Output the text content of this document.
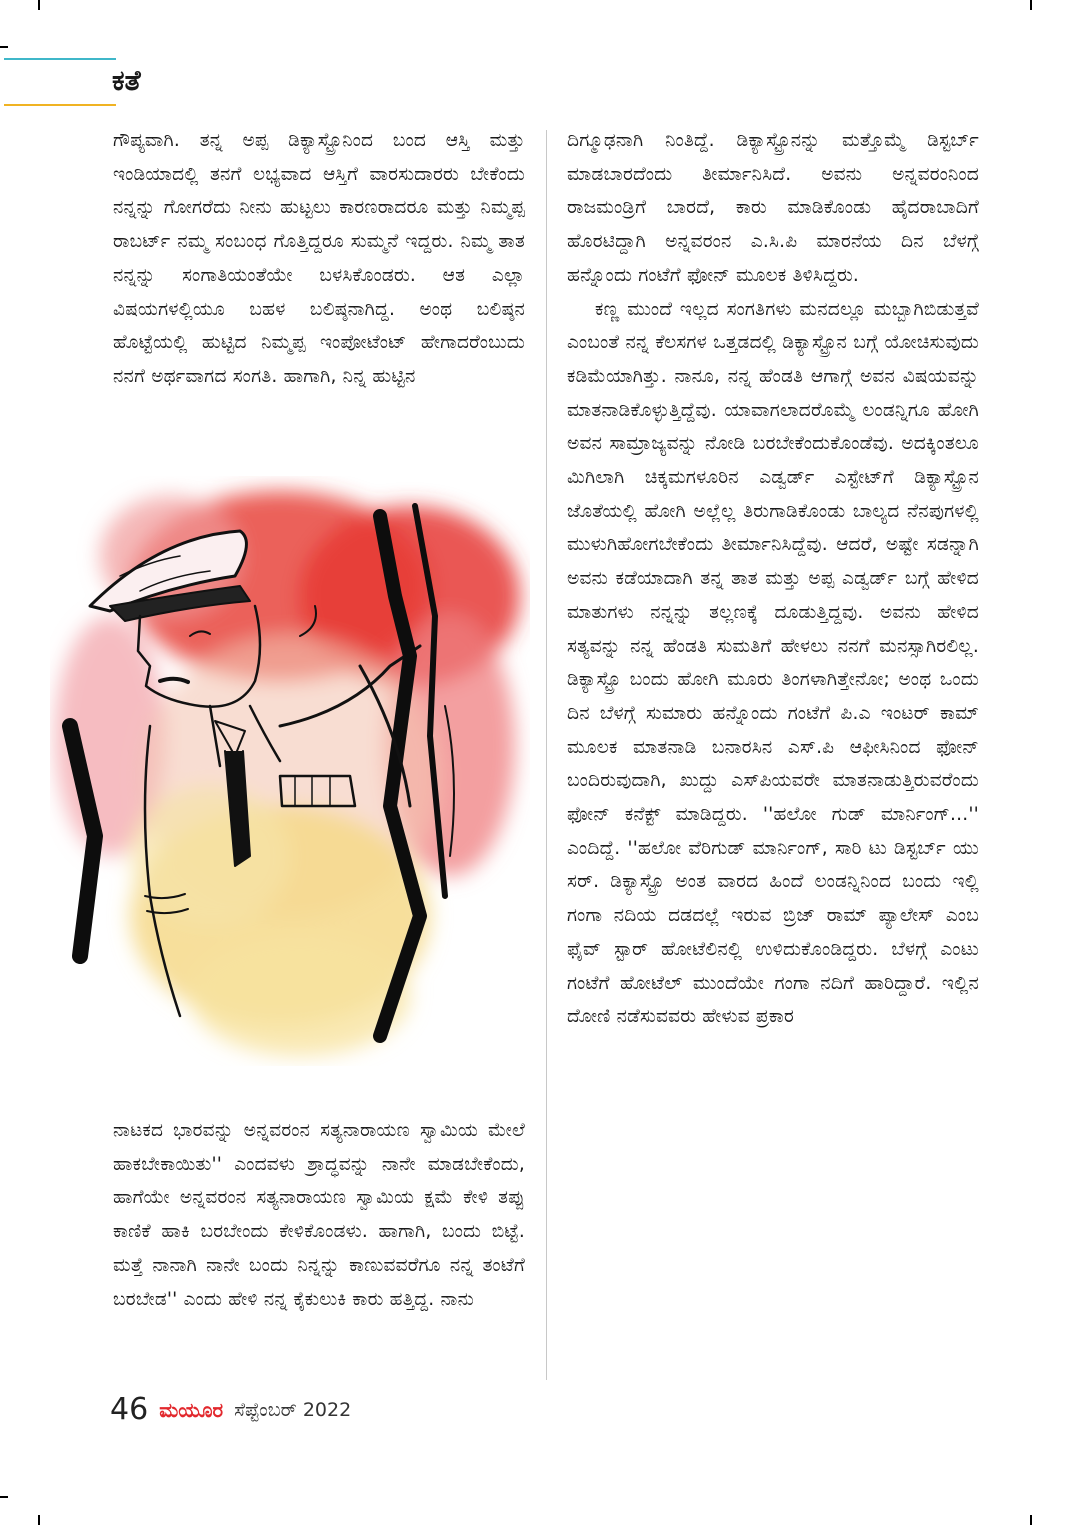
ಕತೆ

ಗೌಪ್ಯವಾಗಿ. ತನ್ನ ಅಪ್ಪ ಡಿಕ್ಯಾಸ್ಟ್ರೊನಿಂದ ಬಂದ ಆಸ್ತಿ ಮತ್ತು ಇಂಡಿಯಾದಲ್ಲಿ ತನಗೆ ಲಭ್ಯವಾದ ಆಸ್ತಿಗೆ ವಾರಸುದಾರರು ಬೇಕೆಂದು ನನ್ನನ್ನು ಗೋಗರೆದು ನೀನು ಹುಟ್ಟಲು ಕಾರಣರಾದರೂ ಮತ್ತು ನಿಮ್ಮಪ್ಪ ರಾಬರ್ಟ್ ನಮ್ಮ ಸಂಬಂಧ ಗೊತ್ತಿದ್ದರೂ ಸುಮ್ಮನೆ ಇದ್ದರು. ನಿಮ್ಮ ತಾತ ನನ್ನನ್ನು ಸಂಗಾತಿಯಂತೆಯೇ ಬಳಸಿಕೊಂಡರು. ಆತ ಎಲ್ಲಾ ವಿಷಯಗಳಲ್ಲಿಯೂ ಬಹಳ ಬಲಿಷ್ಠನಾಗಿದ್ದ. ಅಂಥ ಬಲಿಷ್ಠನ ಹೊಟ್ಟೆಯಲ್ಲಿ ಹುಟ್ಟಿದ ನಿಮ್ಮಪ್ಪ ಇಂಪೋಟೆಂಟ್ ಹೇಗಾದರೆಂಬುದು ನನಗೆ ಅರ್ಥವಾಗದ ಸಂಗತಿ. ಹಾಗಾಗಿ, ನಿನ್ನ ಹುಟ್ಟಿನ

ನಾಟಕದ ಭಾರವನ್ನು ಅನ್ನವರಂನ ಸತ್ಯನಾರಾಯಣ ಸ್ವಾಮಿಯ ಮೇಲೆ ಹಾಕಬೇಕಾಯಿತು'' ಎಂದವಳು ಶ್ರಾದ್ಧವನ್ನು ನಾನೇ ಮಾಡಬೇಕೆಂದು, ಹಾಗೆಯೇ ಅನ್ನವರಂನ ಸತ್ಯನಾರಾಯಣ ಸ್ವಾಮಿಯ ಕ್ಷಮೆ ಕೇಳಿ ತಪ್ಪು ಕಾಣಿಕೆ ಹಾಕಿ ಬರಬೇಂದು ಕೇಳಿಕೊಂಡಳು. ಹಾಗಾಗಿ, ಬಂದು ಬಿಟ್ಟೆ. ಮತ್ತೆ ನಾನಾಗಿ ನಾನೇ ಬಂದು ನಿನ್ನನ್ನು ಕಾಣುವವರೆಗೂ ನನ್ನ ತಂಟೆಗೆ ಬರಬೇಡ'' ಎಂದು ಹೇಳಿ ನನ್ನ ಕೈಕುಲುಕಿ ಕಾರು ಹತ್ತಿದ್ದ. ನಾನು

ದಿಗ್ಮೂಢನಾಗಿ ನಿಂತಿದ್ದೆ. ಡಿಕ್ಯಾಸ್ಟ್ರೊನನ್ನು ಮತ್ತೊಮ್ಮೆ ಡಿಸ್ಟರ್ಬ್ ಮಾಡಬಾರದೆಂದು ತೀರ್ಮಾನಿಸಿದೆ. ಅವನು ಅನ್ನವರಂನಿಂದ ರಾಜಮಂಡ್ರಿಗೆ ಬಾರದೆ, ಕಾರು ಮಾಡಿಕೊಂಡು ಹೈದರಾಬಾದಿಗೆ ಹೊರಟಿದ್ದಾಗಿ ಅನ್ನವರಂನ ಎ.ಸಿ.ಪಿ ಮಾರನೆಯ ದಿನ ಬೆಳಗ್ಗೆ ಹನ್ನೊಂದು ಗಂಟೆಗೆ ಫೋನ್ ಮೂಲಕ ತಿಳಿಸಿದ್ದರು.

ಕಣ್ಣ ಮುಂದೆ ಇಲ್ಲದ ಸಂಗತಿಗಳು ಮನದಲ್ಲೂ ಮಬ್ಬಾಗಿಬಿಡುತ್ತವೆ ಎಂಬಂತೆ ನನ್ನ ಕೆಲಸಗಳ ಒತ್ತಡದಲ್ಲಿ ಡಿಕ್ಯಾಸ್ಟ್ರೊನ ಬಗ್ಗೆ ಯೋಚಿಸುವುದು ಕಡಿಮೆಯಾಗಿತ್ತು. ನಾನೂ, ನನ್ನ ಹೆಂಡತಿ ಆಗಾಗ್ಗೆ ಅವನ ವಿಷಯವನ್ನು ಮಾತನಾಡಿಕೊಳ್ಳುತ್ತಿದ್ದೆವು. ಯಾವಾಗಲಾದರೊಮ್ಮೆ ಲಂಡನ್ನಿಗೂ ಹೋಗಿ ಅವನ ಸಾಮ್ರಾಜ್ಯವನ್ನು ನೋಡಿ ಬರಬೇಕೆಂದುಕೊಂಡೆವು. ಅದಕ್ಕಿಂತಲೂ ಮಿಗಿಲಾಗಿ ಚಿಕ್ಕಮಗಳೂರಿನ ಎಡ್ವರ್ಡ್ ಎಸ್ಟೇಟ್‌ಗೆ ಡಿಕ್ಯಾಸ್ಟ್ರೊನ ಜೊತೆಯಲ್ಲಿ ಹೋಗಿ ಅಲ್ಲೆಲ್ಲ ತಿರುಗಾಡಿಕೊಂಡು ಬಾಲ್ಯದ ನೆನಪುಗಳಲ್ಲಿ ಮುಳುಗಿಹೋಗಬೇಕೆಂದು ತೀರ್ಮಾನಿಸಿದ್ದೆವು. ಆದರೆ, ಅಷ್ಟೇ ಸಡನ್ನಾಗಿ ಅವನು ಕಡೆಯಾದಾಗಿ ತನ್ನ ತಾತ ಮತ್ತು ಅಪ್ಪ ಎಡ್ವರ್ಡ್ ಬಗ್ಗೆ ಹೇಳಿದ ಮಾತುಗಳು ನನ್ನನ್ನು ತಲ್ಲಣಕ್ಕೆ ದೂಡುತ್ತಿದ್ದವು. ಅವನು ಹೇಳಿದ ಸತ್ಯವನ್ನು ನನ್ನ ಹೆಂಡತಿ ಸುಮತಿಗೆ ಹೇಳಲು ನನಗೆ ಮನಸ್ಸಾಗಿರಲಿಲ್ಲ. ಡಿಕ್ಯಾಸ್ಟ್ರೊ ಬಂದು ಹೋಗಿ ಮೂರು ತಿಂಗಳಾಗಿತ್ತೇನೋ; ಅಂಥ ಒಂದು ದಿನ ಬೆಳಗ್ಗೆ ಸುಮಾರು ಹನ್ನೊಂದು ಗಂಟೆಗೆ ಪಿ.ಎ ಇಂಟರ್ ಕಾಮ್ ಮೂಲಕ ಮಾತನಾಡಿ ಬನಾರಸಿನ ಎಸ್.ಪಿ ಆಫೀಸಿನಿಂದ ಫೋನ್ ಬಂದಿರುವುದಾಗಿ, ಖುದ್ದು ಎಸ್‌ಪಿಯವರೇ ಮಾತನಾಡುತ್ತಿರುವರೆಂದು ಫೋನ್ ಕನೆಕ್ಟ್ ಮಾಡಿದ್ದರು. ''ಹಲೋ ಗುಡ್ ಮಾರ್ನಿಂಗ್...'' ಎಂದಿದ್ದೆ. ''ಹಲೋ ವೆರಿಗುಡ್ ಮಾರ್ನಿಂಗ್, ಸಾರಿ ಟು ಡಿಸ್ಟರ್ಬ್ ಯು ಸರ್. ಡಿಕ್ಯಾಸ್ಟ್ರೊ ಅಂತ ವಾರದ ಹಿಂದೆ ಲಂಡನ್ನಿನಿಂದ ಬಂದು ಇಲ್ಲಿ ಗಂಗಾ ನದಿಯ ದಡದಲ್ಲೆ ಇರುವ ಬ್ರಿಜ್ ರಾಮ್ ಪ್ಯಾಲೇಸ್ ಎಂಬ ಫೈವ್ ಸ್ಟಾರ್ ಹೋಟೆಲಿನಲ್ಲಿ ಉಳಿದುಕೊಂಡಿದ್ದರು. ಬೆಳಗ್ಗೆ ಎಂಟು ಗಂಟೆಗೆ ಹೋಟೆಲ್ ಮುಂದೆಯೇ ಗಂಗಾ ನದಿಗೆ ಹಾರಿದ್ದಾರೆ. ಇಲ್ಲಿನ ದೋಣಿ ನಡೆಸುವವರು ಹೇಳುವ ಪ್ರಕಾರ

46 ಮಯೂರ ಸೆಪ್ಟೆಂಬರ್ 2022
